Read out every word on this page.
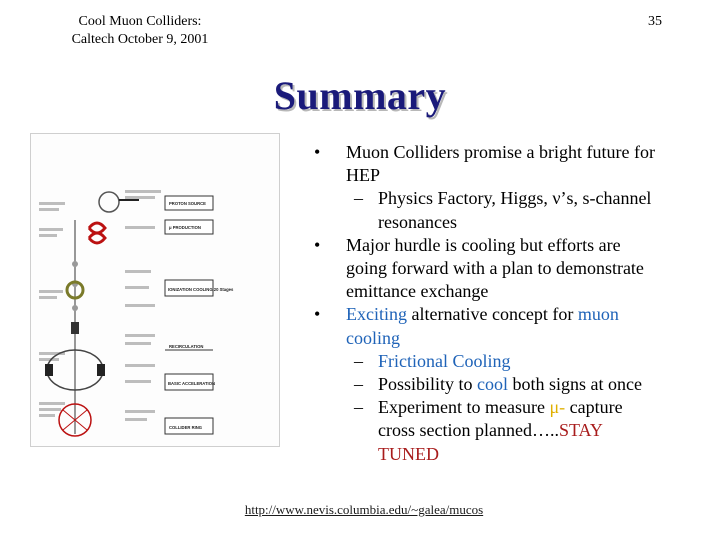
Cool Muon Colliders:
Caltech October 9, 2001
35
Summary
PROTON SOURCE
μ PRODUCTION
IONIZATION COOLING 20 Stages
RECIRCULATION
BASIC ACCELERATION
COLLIDER RING
• Muon Colliders promise a bright future for
HEP
– Physics Factory, Higgs, ν’s, s-channel
resonances
• Major hurdle is cooling but efforts are
going forward with a plan to demonstrate
emittance exchange
• Exciting alternative concept for muon
cooling
– Frictional Cooling
– Possibility to cool both signs at once
– Experiment to measure μ- capture
cross section planned…..STAY
TUNED
http://www.nevis.columbia.edu/~galea/mucos
